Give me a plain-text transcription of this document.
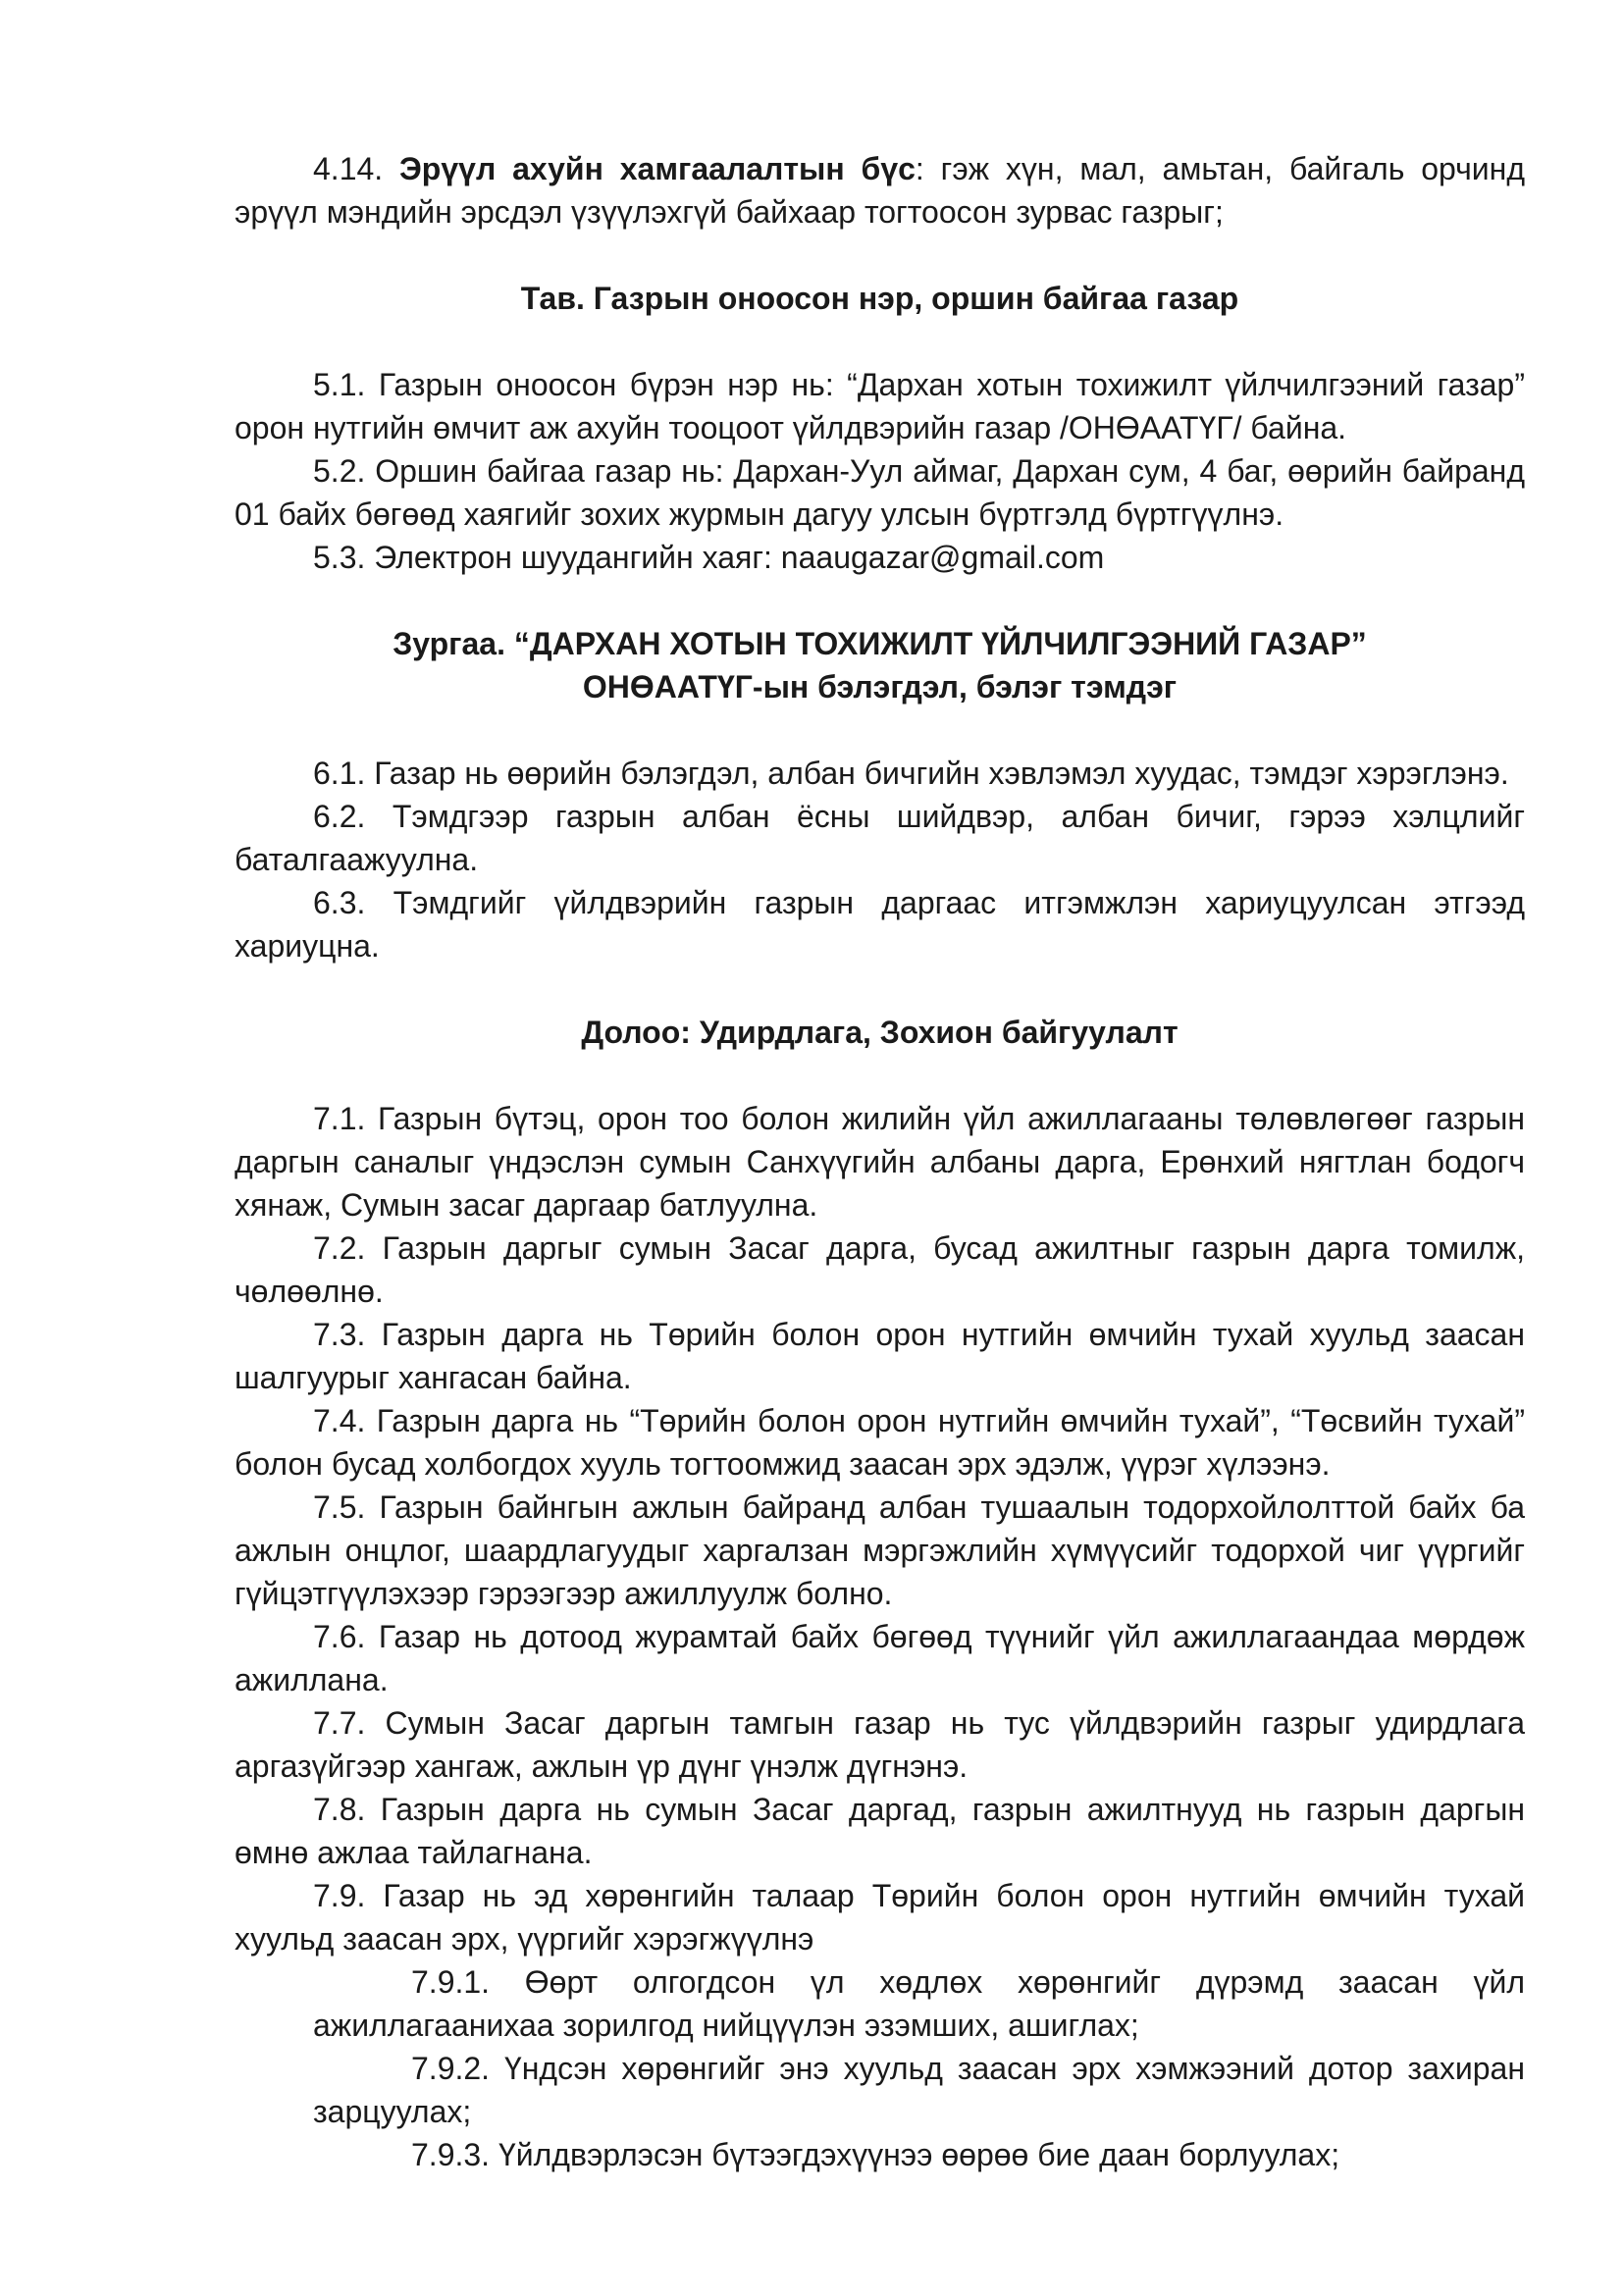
4.14. Эрүүл ахуйн хамгаалалтын бүс: гэж хүн, мал, амьтан, байгаль орчинд эрүүл мэндийн эрсдэл үзүүлэхгүй байхаар тогтоосон зурвас газрыг;

Тав. Газрын оноосон нэр, оршин байгаа газар

5.1. Газрын оноосон бүрэн нэр нь: “Дархан хотын тохижилт үйлчилгээний газар” орон нутгийн өмчит аж ахуйн тооцоот үйлдвэрийн газар /ОНӨААТҮГ/ байна.

5.2. Оршин байгаа газар нь: Дархан-Уул аймаг, Дархан сум, 4 баг, өөрийн байранд 01 байх бөгөөд хаягийг зохих журмын дагуу улсын бүртгэлд бүртгүүлнэ.

5.3. Электрон шуудангийн хаяг: naaugazar@gmail.com

Зургаа. “ДАРХАН ХОТЫН ТОХИЖИЛТ ҮЙЛЧИЛГЭЭНИЙ ГАЗАР”
ОНӨААТҮГ-ын бэлэгдэл, бэлэг тэмдэг

6.1. Газар нь өөрийн бэлэгдэл, албан бичгийн хэвлэмэл хуудас, тэмдэг хэрэглэнэ.

6.2. Тэмдгээр газрын албан ёсны шийдвэр, албан бичиг, гэрээ хэлцлийг баталгаажуулна.

6.3. Тэмдгийг үйлдвэрийн газрын даргаас итгэмжлэн хариуцуулсан этгээд хариуцна.

Долоо: Удирдлага, Зохион байгуулалт

7.1. Газрын бүтэц, орон тоо болон жилийн үйл ажиллагааны төлөвлөгөөг газрын даргын саналыг үндэслэн сумын Санхүүгийн албаны дарга, Ерөнхий нягтлан бодогч хянаж, Сумын засаг даргаар батлуулна.

7.2. Газрын даргыг сумын Засаг дарга, бусад ажилтныг газрын дарга томилж, чөлөөлнө.

7.3. Газрын дарга нь Төрийн болон орон нутгийн өмчийн тухай хуульд заасан шалгуурыг хангасан байна.

7.4. Газрын дарга нь “Төрийн болон орон нутгийн өмчийн тухай”, “Төсвийн тухай” болон бусад холбогдох хууль тогтоомжид заасан эрх эдэлж, үүрэг хүлээнэ.

7.5. Газрын байнгын ажлын байранд албан тушаалын тодорхойлолттой байх ба ажлын онцлог, шаардлагуудыг харгалзан мэргэжлийн хүмүүсийг тодорхой чиг үүргийг гүйцэтгүүлэхээр гэрээгээр ажиллуулж болно.

7.6. Газар нь дотоод журамтай байх бөгөөд түүнийг үйл ажиллагаандаа мөрдөж ажиллана.

7.7. Сумын Засаг даргын тамгын газар нь тус үйлдвэрийн газрыг удирдлага аргазүйгээр хангаж, ажлын үр дүнг үнэлж дүгнэнэ.

7.8. Газрын дарга нь сумын Засаг даргад, газрын ажилтнууд нь газрын даргын өмнө ажлаа тайлагнана.

7.9. Газар нь эд хөрөнгийн талаар Төрийн болон орон нутгийн өмчийн тухай хуульд заасан эрх, үүргийг хэрэгжүүлнэ

7.9.1. Өөрт олгогдсон үл хөдлөх хөрөнгийг дүрэмд заасан үйл ажиллагаанихаа зорилгод нийцүүлэн эзэмших, ашиглах;

7.9.2. Үндсэн хөрөнгийг энэ хуульд заасан эрх хэмжээний дотор захиран зарцуулах;

7.9.3. Үйлдвэрлэсэн бүтээгдэхүүнээ өөрөө бие даан борлуулах;
